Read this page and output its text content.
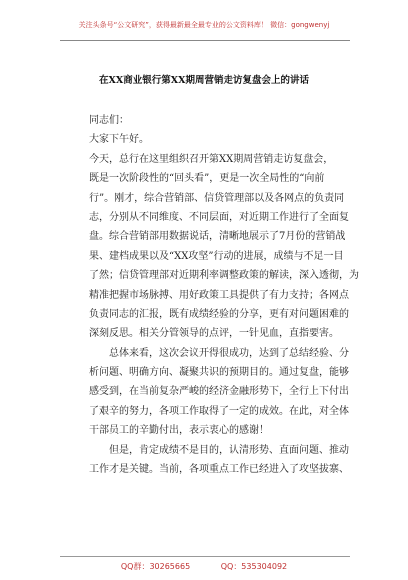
关注头条号“公文研究”，获得最新最全最专业的公文资料库！ 微信：gongwenyj
在XX商业银行第XX期周营销走访复盘会上的讲话
同志们：
大家下午好。
今天，总行在这里组织召开第XX期周营销走访复盘会，
既是一次阶段性的“回头看”，更是一次全局性的“向前
行”。刚才，综合营销部、信贷管理部以及各网点的负责同
志，分别从不同维度、不同层面，对近期工作进行了全面复
盘。综合营销部用数据说话，清晰地展示了7月份的营销战
果、建档成果以及“XX攻坚”行动的进展，成绩与不足一目
了然；信贷管理部对近期利率调整政策的解读，深入透彻，为
精准把握市场脉搏、用好政策工具提供了有力支持；各网点
负责同志的汇报，既有成绩经验的分享，更有对问题困难的
深刻反思。相关分管领导的点评，一针见血，直指要害。
总体来看，这次会议开得很成功，达到了总结经验、分
析问题、明确方向、凝聚共识的预期目的。通过复盘，能够
感受到，在当前复杂严峻的经济金融形势下，全行上下付出
了艰辛的努力，各项工作取得了一定的成效。在此，对全体
干部员工的辛勤付出，表示衷心的感谢！
但是，肯定成绩不是目的，认清形势、直面问题、推动
工作才是关键。当前，各项重点工作已经进入了攻坚拔寨、
QQ群：30265665	QQ：535304092
